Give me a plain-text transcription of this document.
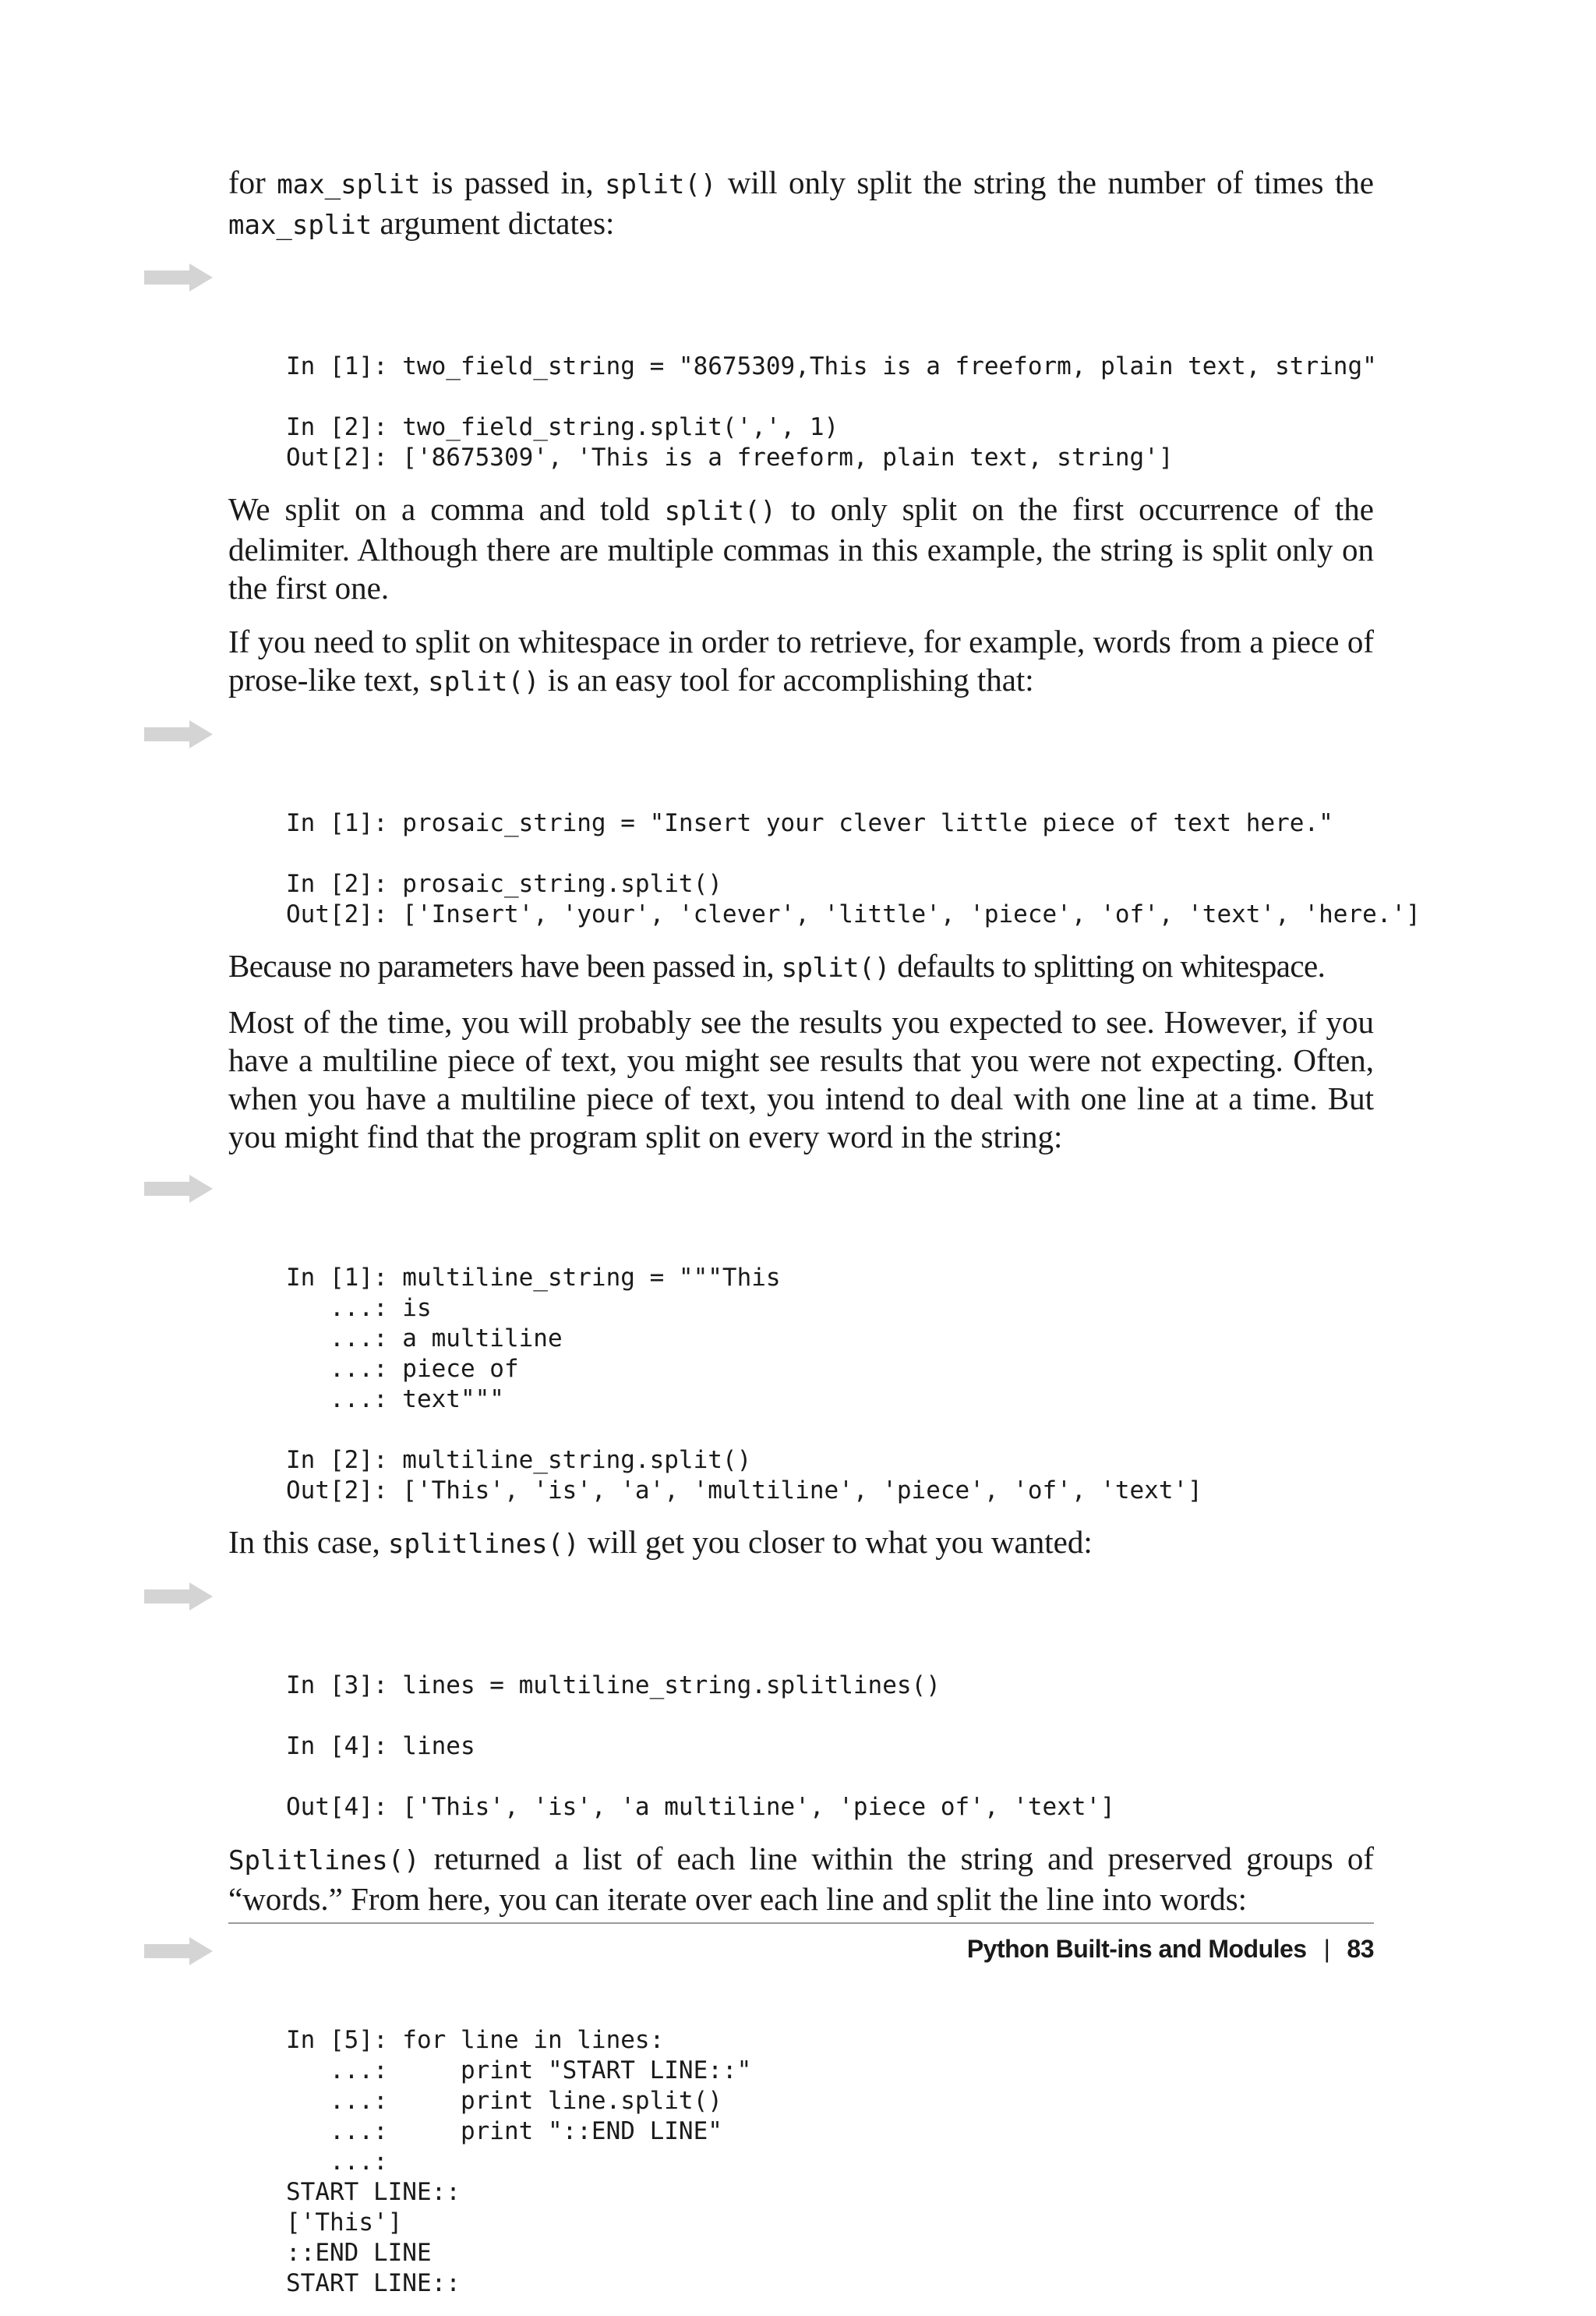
for max_split is passed in, split() will only split the string the number of times the max_split argument dictates:

In [1]: two_field_string = "8675309,This is a freeform, plain text, string"
In [2]: two_field_string.split(',', 1)
Out[2]: ['8675309', 'This is a freeform, plain text, string']

We split on a comma and told split() to only split on the first occurrence of the delimiter. Although there are multiple commas in this example, the string is split only on the first one.

If you need to split on whitespace in order to retrieve, for example, words from a piece of prose-like text, split() is an easy tool for accomplishing that:

In [1]: prosaic_string = "Insert your clever little piece of text here."
In [2]: prosaic_string.split()
Out[2]: ['Insert', 'your', 'clever', 'little', 'piece', 'of', 'text', 'here.']

Because no parameters have been passed in, split() defaults to splitting on whitespace.

Most of the time, you will probably see the results you expected to see. However, if you have a multiline piece of text, you might see results that you were not expecting. Often, when you have a multiline piece of text, you intend to deal with one line at a time. But you might find that the program split on every word in the string:

In [1]: multiline_string = """This
...: is
...: a multiline
...: piece of
...: text"""
In [2]: multiline_string.split()
Out[2]: ['This', 'is', 'a', 'multiline', 'piece', 'of', 'text']

In this case, splitlines() will get you closer to what you wanted:

In [3]: lines = multiline_string.splitlines()
In [4]: lines
Out[4]: ['This', 'is', 'a multiline', 'piece of', 'text']

Splitlines() returned a list of each line within the string and preserved groups of “words.” From here, you can iterate over each line and split the line into words:

In [5]: for line in lines:
...:     print "START LINE::"
...:     print line.split()
...:     print "::END LINE"
...:
START LINE::
['This']
::END LINE
START LINE::
Python Built-ins and Modules | 83
